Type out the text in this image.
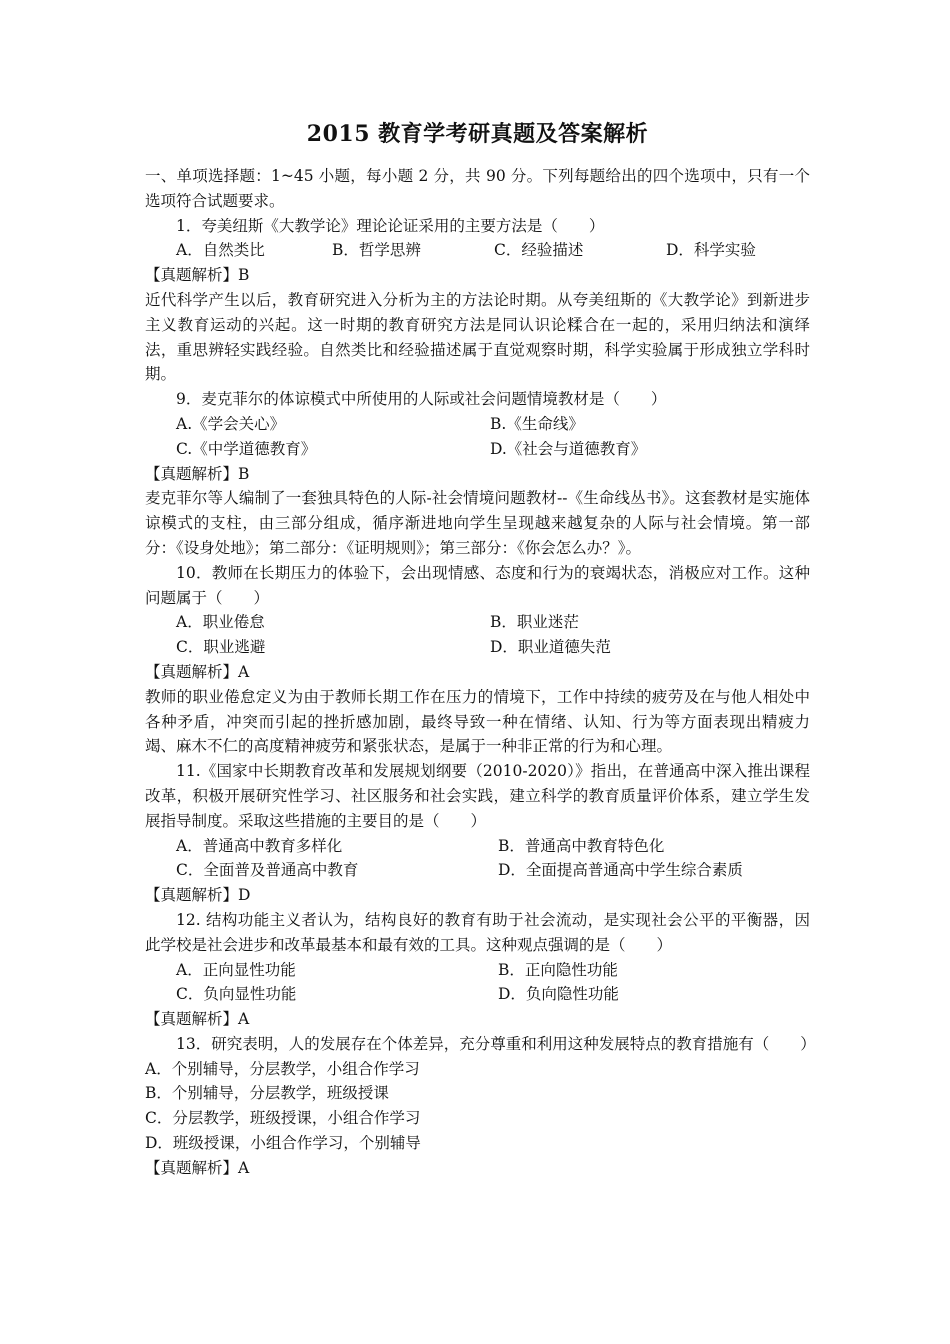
2015 教育学考研真题及答案解析

一、单项选择题：1~45 小题，每小题 2 分，共 90 分。下列每题给出的四个选项中，只有一个选项符合试题要求。

1．夸美纽斯《大教学论》理论论证采用的主要方法是（　　）

A．自然类比	B．哲学思辨	C．经验描述	D．科学实验

【真题解析】B

近代科学产生以后，教育研究进入分析为主的方法论时期。从夸美纽斯的《大教学论》到新进步主义教育运动的兴起。这一时期的教育研究方法是同认识论糅合在一起的，采用归纳法和演绎法，重思辨轻实践经验。自然类比和经验描述属于直觉观察时期，科学实验属于形成独立学科时期。

9．麦克菲尔的体谅模式中所使用的人际或社会问题情境教材是（　　）

A.《学会关心》	B.《生命线》
C.《中学道德教育》	D.《社会与道德教育》

【真题解析】B

麦克菲尔等人编制了一套独具特色的人际-社会情境问题教材--《生命线丛书》。这套教材是实施体谅模式的支柱，由三部分组成，循序渐进地向学生呈现越来越复杂的人际与社会情境。第一部分：《设身处地》；第二部分：《证明规则》；第三部分：《你会怎么办？》。

10．教师在长期压力的体验下，会出现情感、态度和行为的衰竭状态，消极应对工作。这种问题属于（　　）

A．职业倦怠	B．职业迷茫
C．职业逃避	D．职业道德失范

【真题解析】A

教师的职业倦怠定义为由于教师长期工作在压力的情境下，工作中持续的疲劳及在与他人相处中各种矛盾，冲突而引起的挫折感加剧，最终导致一种在情绪、认知、行为等方面表现出精疲力竭、麻木不仁的高度精神疲劳和紧张状态，是属于一种非正常的行为和心理。

11.《国家中长期教育改革和发展规划纲要（2010-2020）》指出，在普通高中深入推出课程改革，积极开展研究性学习、社区服务和社会实践，建立科学的教育质量评价体系，建立学生发展指导制度。采取这些措施的主要目的是（　　）

A．普通高中教育多样化	B．普通高中教育特色化
C．全面普及普通高中教育	D．全面提高普通高中学生综合素质

【真题解析】D

12. 结构功能主义者认为，结构良好的教育有助于社会流动，是实现社会公平的平衡器，因此学校是社会进步和改革最基本和最有效的工具。这种观点强调的是（　　）

A．正向显性功能	B．正向隐性功能
C．负向显性功能	D．负向隐性功能

【真题解析】A

13．研究表明，人的发展存在个体差异，充分尊重和利用这种发展特点的教育措施有（　　）

A．个别辅导，分层教学，小组合作学习
B．个别辅导，分层教学，班级授课
C．分层教学，班级授课，小组合作学习
D．班级授课，小组合作学习，个别辅导

【真题解析】A
